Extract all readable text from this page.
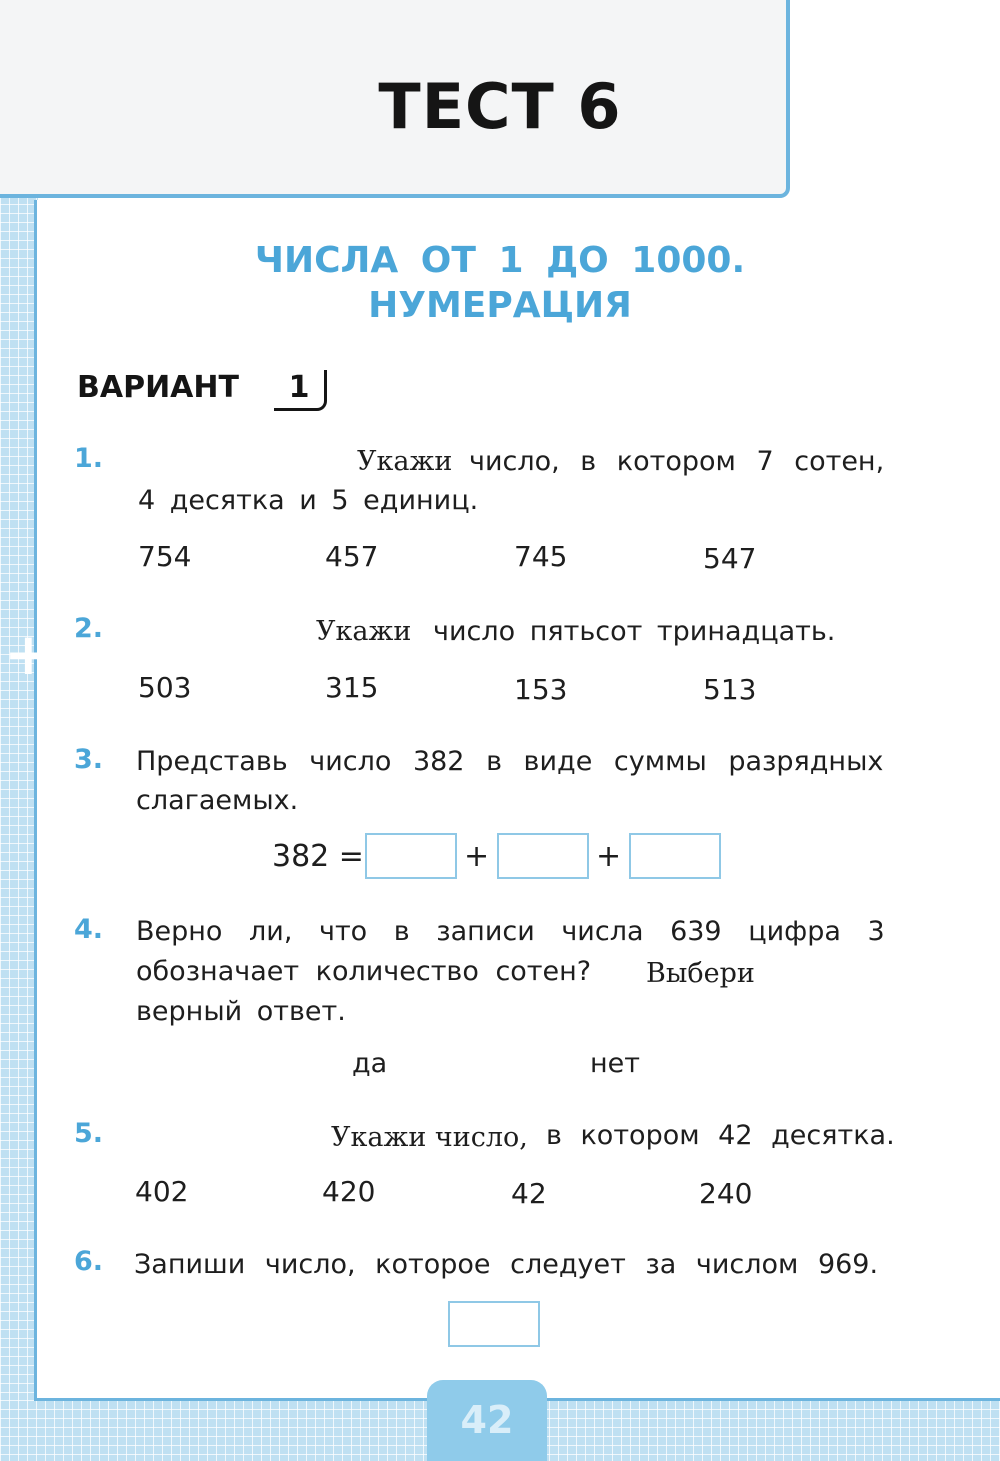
+
42
ТЕСТ 6
ЧИСЛА ОТ 1 ДО 1000.
НУМЕРАЦИЯ
ВАРИАНТ	1
1.	Укажи число, в котором 7 сотен,
4 десятка и 5 единиц.
754	457	745	547
2.	Укажи число пятьсот тринадцать.
503	315	153	513
3. Представь число 382 в виде суммы разрядных
слагаемых.
382 =	+	+
4. Верно ли, что в записи числа 639 цифра 3
обозначает количество сотен? Выбери
верный ответ.
да	нет
5.	Укажи число, в котором 42 десятка.
402	420	42	240
6. Запиши число, которое следует за числом 969.
